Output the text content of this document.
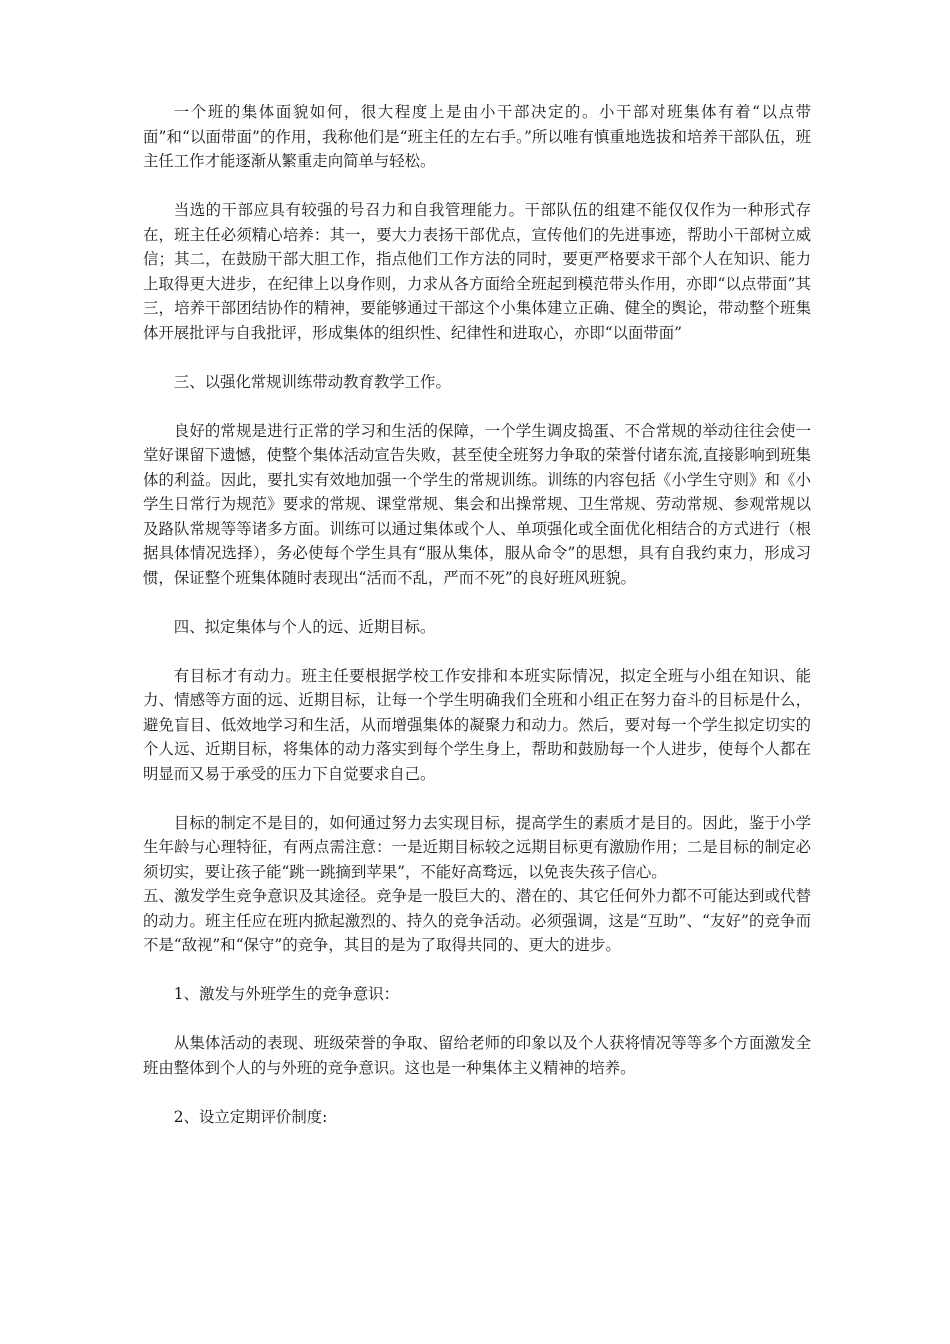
一个班的集体面貌如何，很大程度上是由小干部决定的。小干部对班集体有着“以点带面”和“以面带面”的作用，我称他们是“班主任的左右手。”所以唯有慎重地选拔和培养干部队伍，班主任工作才能逐渐从繁重走向简单与轻松。

当选的干部应具有较强的号召力和自我管理能力。干部队伍的组建不能仅仅作为一种形式存在，班主任必须精心培养：其一，要大力表扬干部优点，宣传他们的先进事迹，帮助小干部树立威信；其二，在鼓励干部大胆工作，指点他们工作方法的同时，要更严格要求干部个人在知识、能力上取得更大进步，在纪律上以身作则，力求从各方面给全班起到模范带头作用，亦即“以点带面”其三，培养干部团结协作的精神，要能够通过干部这个小集体建立正确、健全的舆论，带动整个班集体开展批评与自我批评，形成集体的组织性、纪律性和进取心，亦即“以面带面”

三、以强化常规训练带动教育教学工作。

良好的常规是进行正常的学习和生活的保障，一个学生调皮捣蛋、不合常规的举动往往会使一堂好课留下遗憾，使整个集体活动宣告失败，甚至使全班努力争取的荣誉付诸东流,直接影响到班集体的利益。因此，要扎实有效地加强一个学生的常规训练。训练的内容包括《小学生守则》和《小学生日常行为规范》要求的常规、课堂常规、集会和出操常规、卫生常规、劳动常规、参观常规以及路队常规等等诸多方面。训练可以通过集体或个人、单项强化或全面优化相结合的方式进行（根据具体情况选择），务必使每个学生具有“服从集体，服从命令”的思想，具有自我约束力，形成习惯，保证整个班集体随时表现出“活而不乱，严而不死”的良好班风班貌。

四、拟定集体与个人的远、近期目标。

有目标才有动力。班主任要根据学校工作安排和本班实际情况，拟定全班与小组在知识、能力、情感等方面的远、近期目标，让每一个学生明确我们全班和小组正在努力奋斗的目标是什么，避免盲目、低效地学习和生活，从而增强集体的凝聚力和动力。然后，要对每一个学生拟定切实的个人远、近期目标，将集体的动力落实到每个学生身上，帮助和鼓励每一个人进步，使每个人都在明显而又易于承受的压力下自觉要求自己。

目标的制定不是目的，如何通过努力去实现目标，提高学生的素质才是目的。因此，鉴于小学生年龄与心理特征，有两点需注意：一是近期目标较之远期目标更有激励作用；二是目标的制定必须切实，要让孩子能“跳一跳摘到苹果”，不能好高骛远，以免丧失孩子信心。

五、激发学生竞争意识及其途径。竞争是一股巨大的、潜在的、其它任何外力都不可能达到或代替的动力。班主任应在班内掀起激烈的、持久的竞争活动。必须强调，这是“互助”、“友好”的竞争而不是“敌视”和“保守”的竞争，其目的是为了取得共同的、更大的进步。

1、激发与外班学生的竞争意识：

从集体活动的表现、班级荣誉的争取、留给老师的印象以及个人获将情况等等多个方面激发全班由整体到个人的与外班的竞争意识。这也是一种集体主义精神的培养。

2、设立定期评价制度:
